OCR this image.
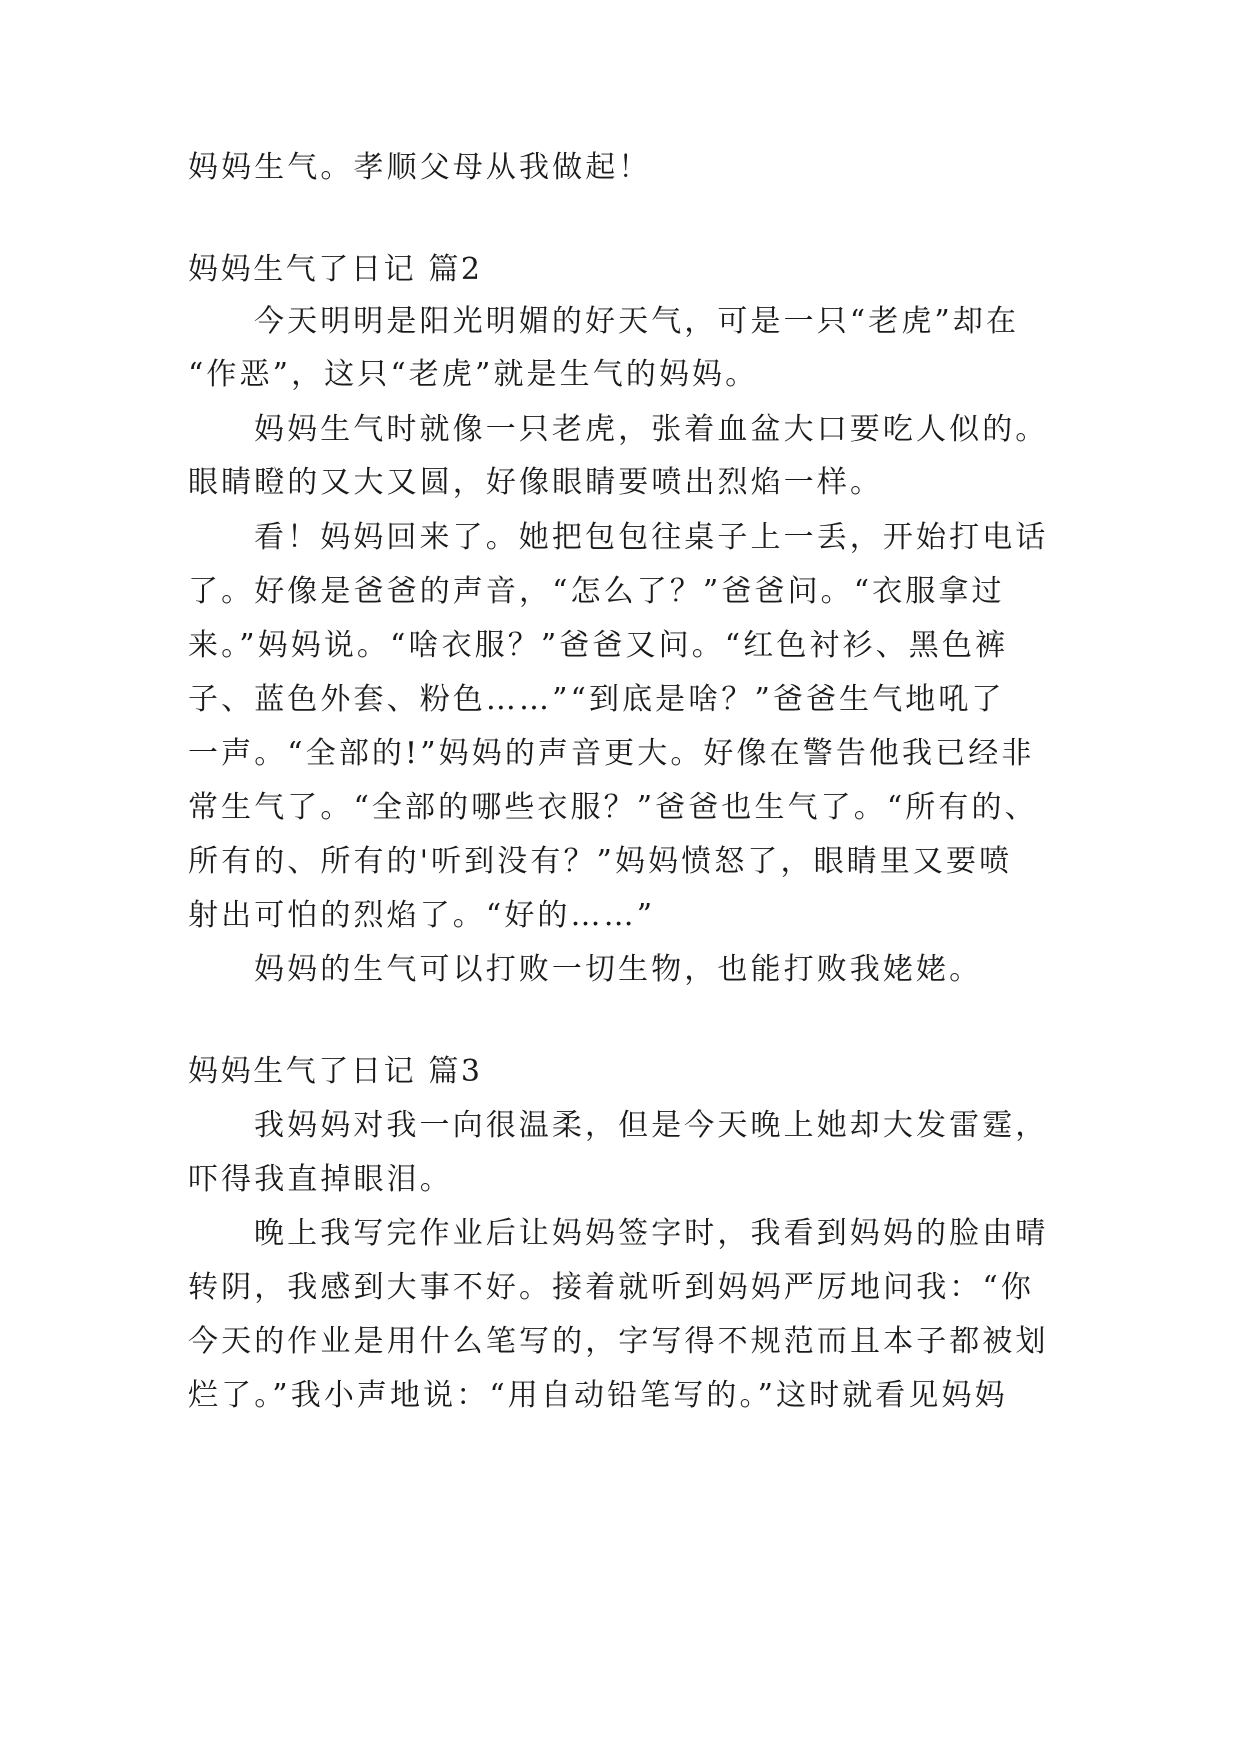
妈妈生气。孝顺父母从我做起！
妈妈生气了日记 篇2
今天明明是阳光明媚的好天气，可是一只“老虎”却在
“作恶”，这只“老虎”就是生气的妈妈。
妈妈生气时就像一只老虎，张着血盆大口要吃人似的。
眼睛瞪的又大又圆，好像眼睛要喷出烈焰一样。
看！妈妈回来了。她把包包往桌子上一丢，开始打电话
了。好像是爸爸的声音，“怎么了？”爸爸问。“衣服拿过
来。”妈妈说。“啥衣服？”爸爸又问。“红色衬衫、黑色裤
子、蓝色外套、粉色……”“到底是啥？”爸爸生气地吼了
一声。“全部的!”妈妈的声音更大。好像在警告他我已经非
常生气了。“全部的哪些衣服？”爸爸也生气了。“所有的、
所有的、所有的'听到没有？”妈妈愤怒了，眼睛里又要喷
射出可怕的烈焰了。“好的……”
妈妈的生气可以打败一切生物，也能打败我姥姥。
妈妈生气了日记 篇3
我妈妈对我一向很温柔，但是今天晚上她却大发雷霆，
吓得我直掉眼泪。
晚上我写完作业后让妈妈签字时，我看到妈妈的脸由晴
转阴，我感到大事不好。接着就听到妈妈严厉地问我：“你
今天的作业是用什么笔写的，字写得不规范而且本子都被划
烂了。”我小声地说：“用自动铅笔写的。”这时就看见妈妈
